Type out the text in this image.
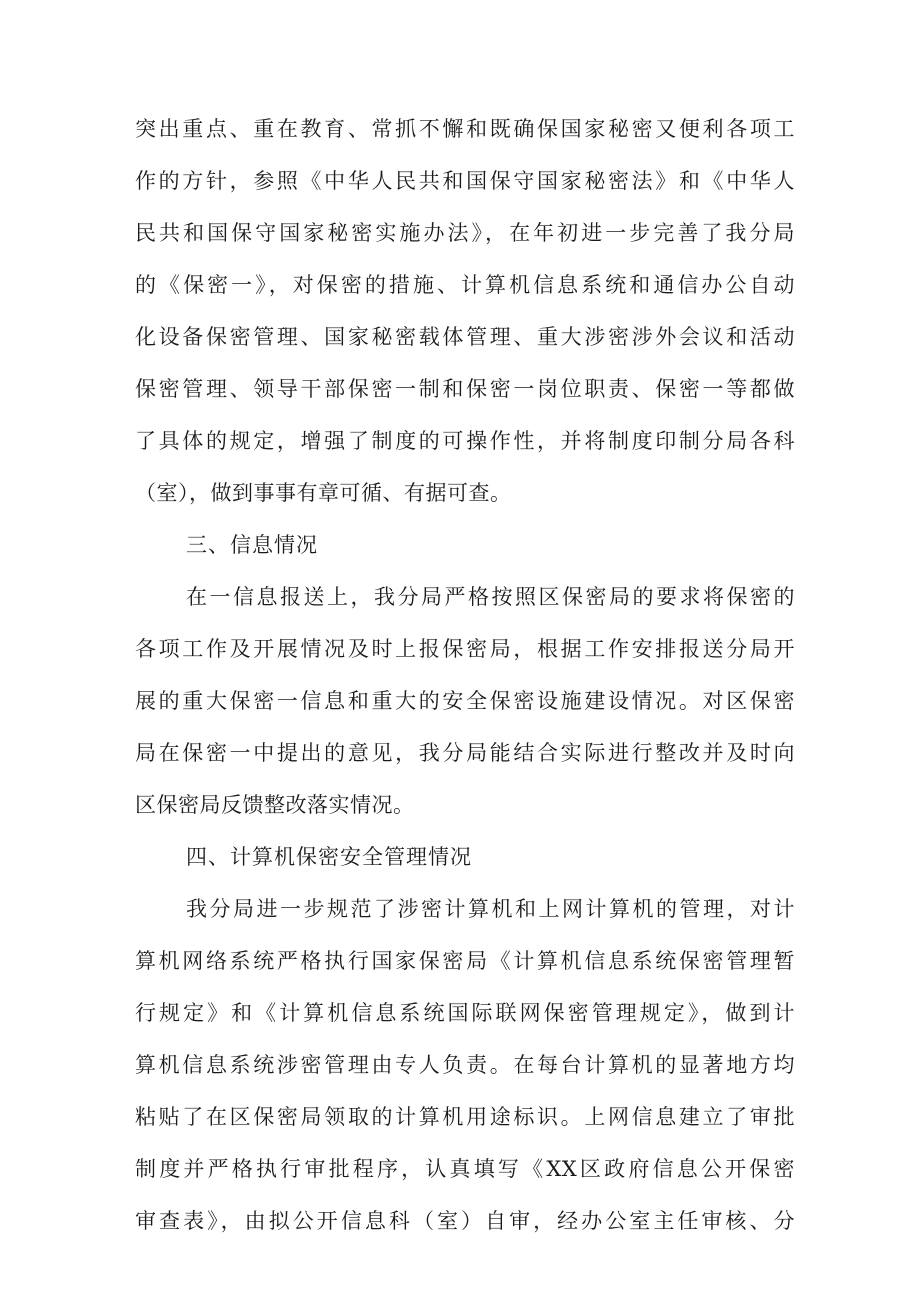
突出重点、重在教育、常抓不懈和既确保国家秘密又便利各项工
作的方针，参照《中华人民共和国保守国家秘密法》和《中华人
民共和国保守国家秘密实施办法》，在年初进一步完善了我分局
的《保密一》，对保密的措施、计算机信息系统和通信办公自动
化设备保密管理、国家秘密载体管理、重大涉密涉外会议和活动
保密管理、领导干部保密一制和保密一岗位职责、保密一等都做
了具体的规定，增强了制度的可操作性，并将制度印制分局各科
（室），做到事事有章可循、有据可查。
三、信息情况
在一信息报送上，我分局严格按照区保密局的要求将保密的
各项工作及开展情况及时上报保密局，根据工作安排报送分局开
展的重大保密一信息和重大的安全保密设施建设情况。对区保密
局在保密一中提出的意见，我分局能结合实际进行整改并及时向
区保密局反馈整改落实情况。
四、计算机保密安全管理情况
我分局进一步规范了涉密计算机和上网计算机的管理，对计
算机网络系统严格执行国家保密局《计算机信息系统保密管理暂
行规定》和《计算机信息系统国际联网保密管理规定》，做到计
算机信息系统涉密管理由专人负责。在每台计算机的显著地方均
粘贴了在区保密局领取的计算机用途标识。上网信息建立了审批
制度并严格执行审批程序，认真填写《XX区政府信息公开保密
审查表》，由拟公开信息科（室）自审，经办公室主任审核、分
